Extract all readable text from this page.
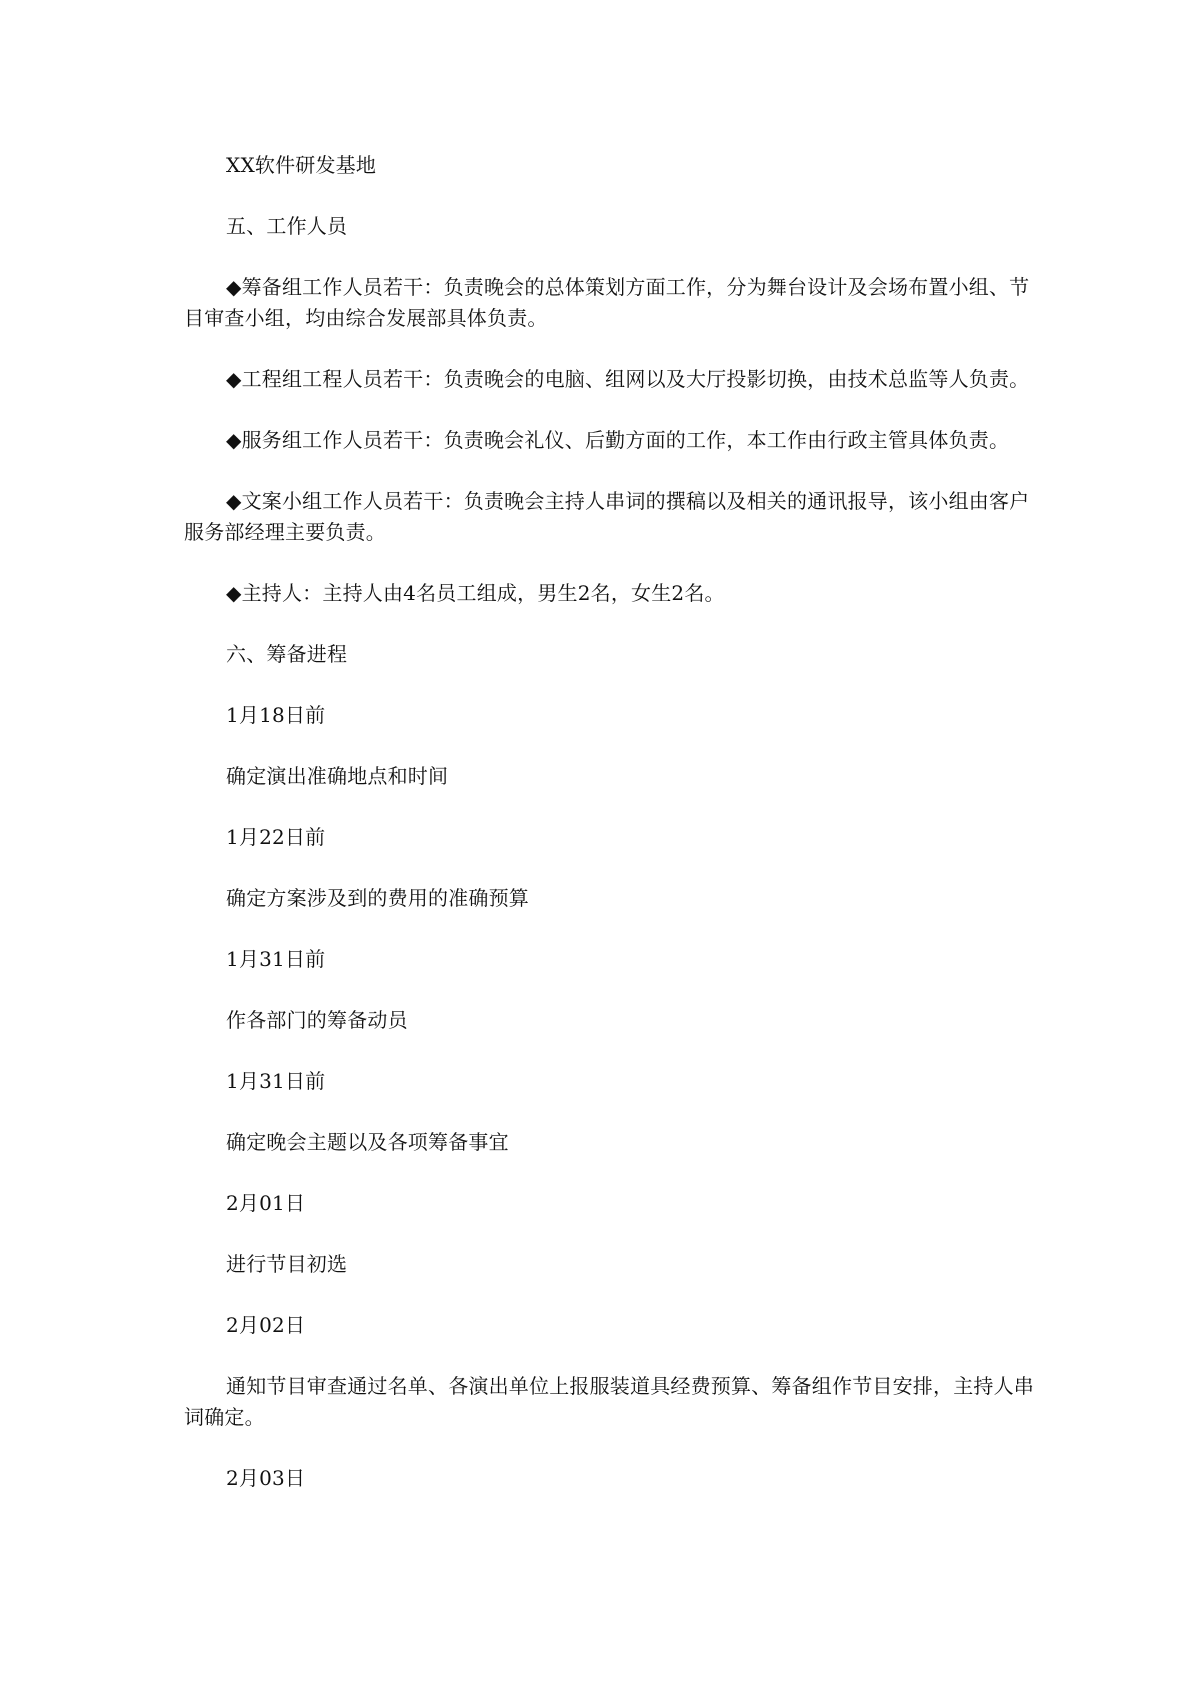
XX软件研发基地

五、工作人员

◆筹备组工作人员若干：负责晚会的总体策划方面工作，分为舞台设计及会场布置小组、节目审查小组，均由综合发展部具体负责。

◆工程组工程人员若干：负责晚会的电脑、组网以及大厅投影切换，由技术总监等人负责。

◆服务组工作人员若干：负责晚会礼仪、后勤方面的工作，本工作由行政主管具体负责。

◆文案小组工作人员若干：负责晚会主持人串词的撰稿以及相关的通讯报导，该小组由客户服务部经理主要负责。

◆主持人：主持人由4名员工组成，男生2名，女生2名。

六、筹备进程

1月18日前

确定演出准确地点和时间

1月22日前

确定方案涉及到的费用的准确预算

1月31日前

作各部门的筹备动员

1月31日前

确定晚会主题以及各项筹备事宜

2月01日

进行节目初选

2月02日

通知节目审查通过名单、各演出单位上报服装道具经费预算、筹备组作节目安排，主持人串词确定。

2月03日
